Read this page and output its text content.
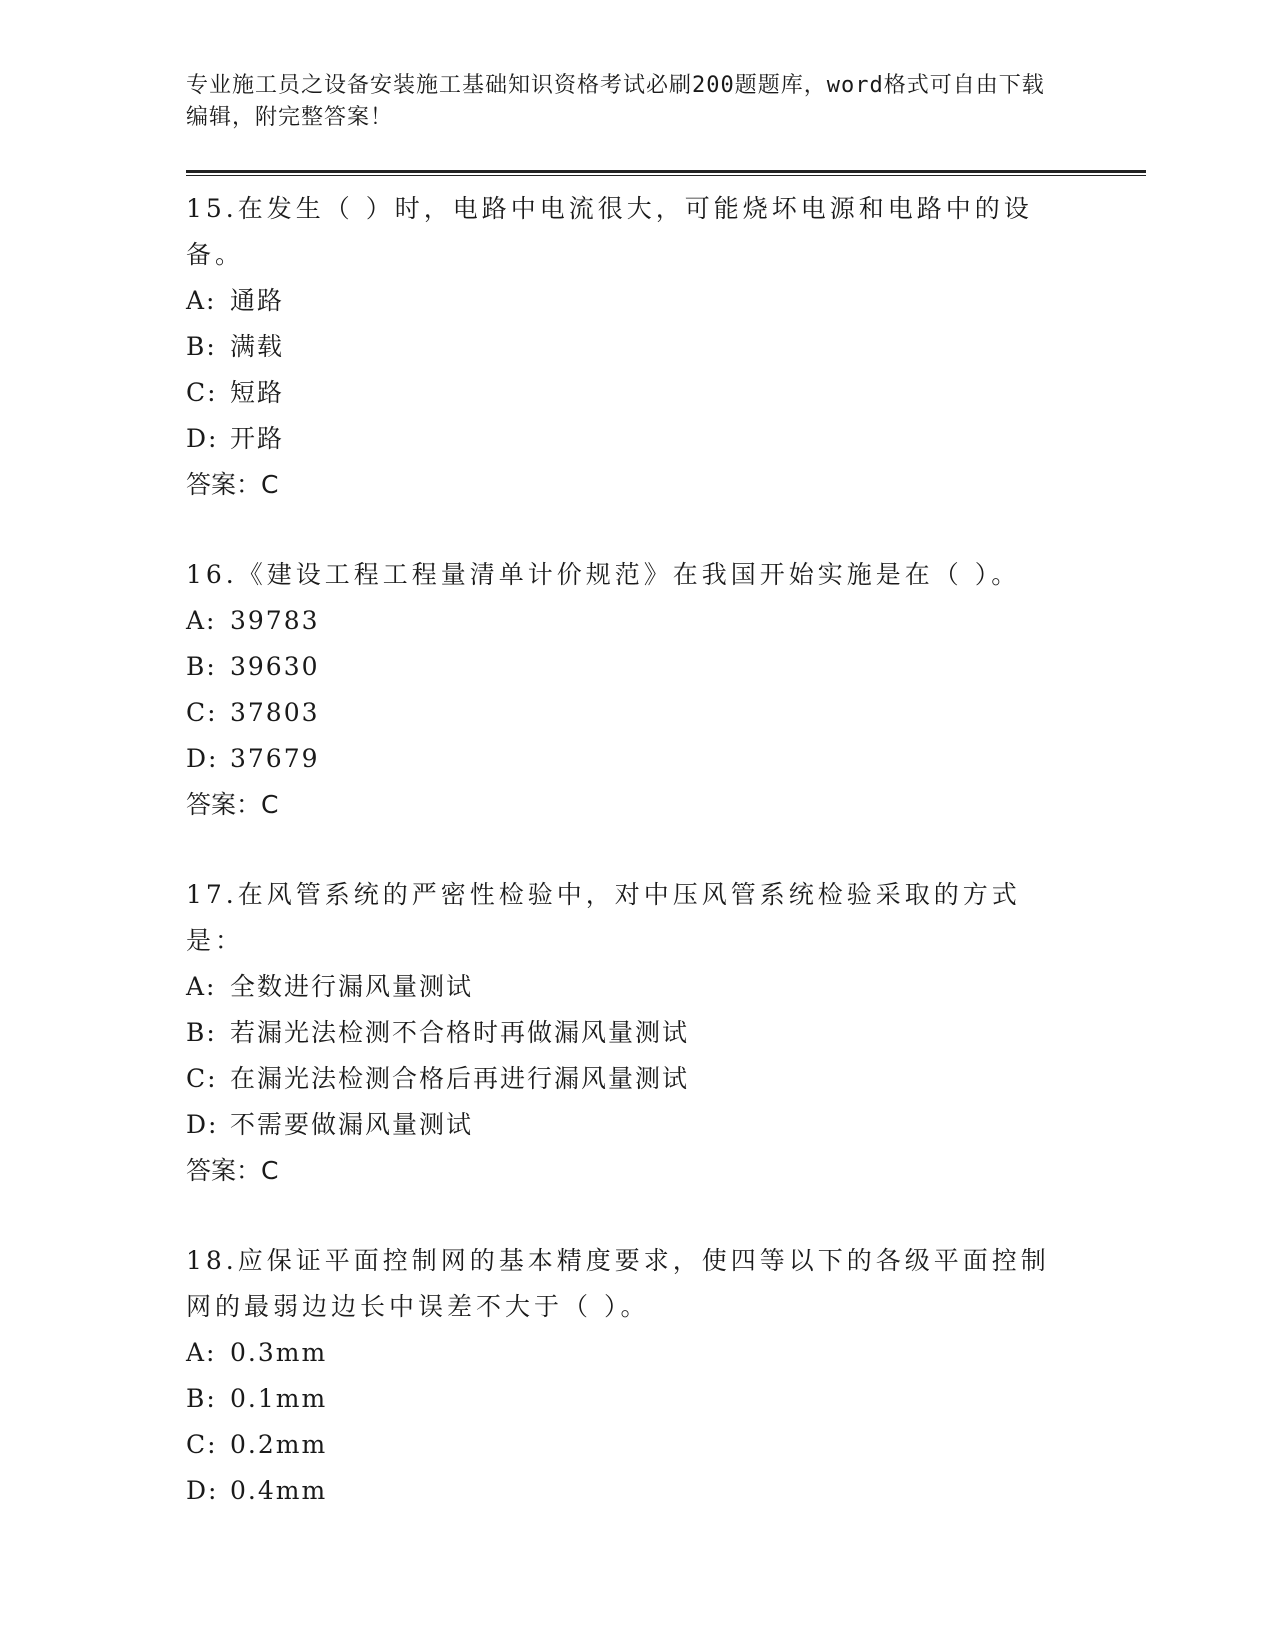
专业施工员之设备安装施工基础知识资格考试必刷200题题库，word格式可自由下载编辑，附完整答案！

15.在发生（ ）时，电路中电流很大，可能烧坏电源和电路中的设备。

A: 通路

B: 满载

C: 短路

D: 开路

答案：C

16.《建设工程工程量清单计价规范》在我国开始实施是在（ ）。

A: 39783

B: 39630

C: 37803

D: 37679

答案：C

17.在风管系统的严密性检验中，对中压风管系统检验采取的方式是：

A: 全数进行漏风量测试

B: 若漏光法检测不合格时再做漏风量测试

C: 在漏光法检测合格后再进行漏风量测试

D: 不需要做漏风量测试

答案：C

18.应保证平面控制网的基本精度要求，使四等以下的各级平面控制网的最弱边边长中误差不大于（ ）。

A: 0.3mm

B: 0.1mm

C: 0.2mm

D: 0.4mm
